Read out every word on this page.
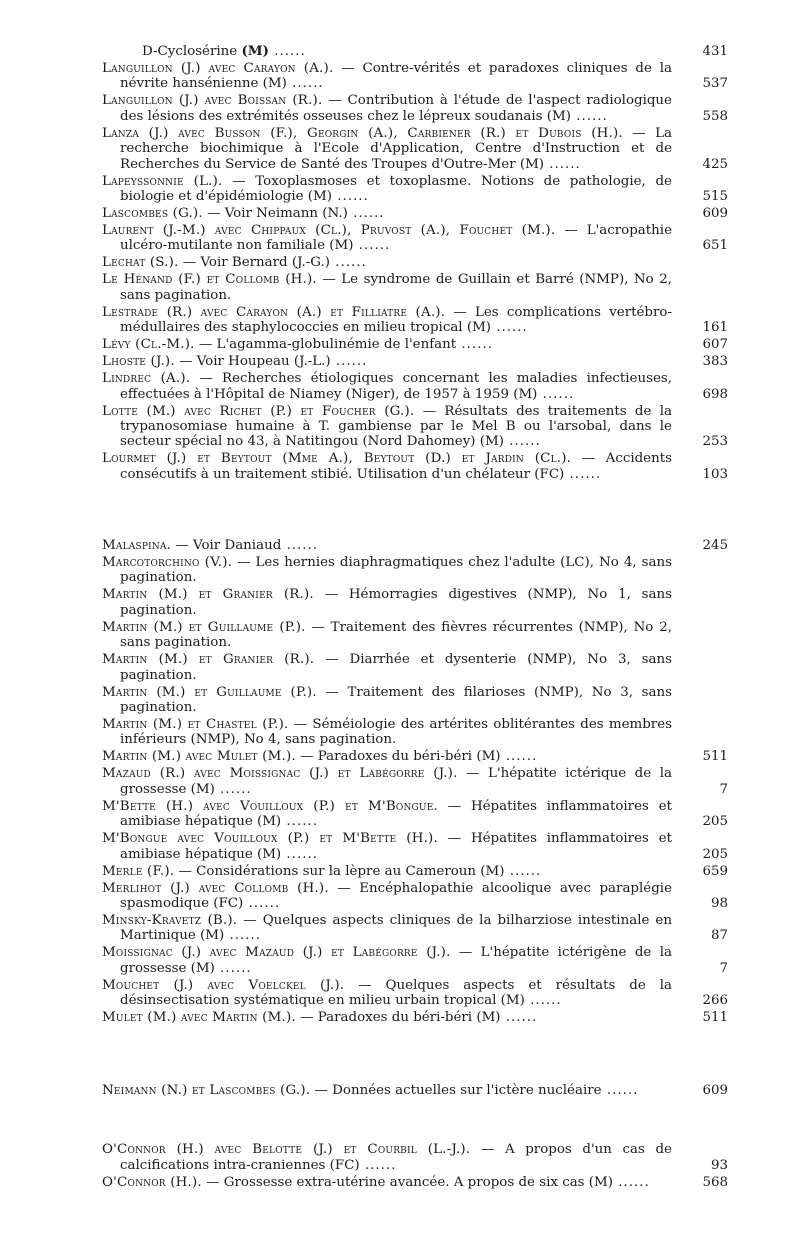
D-Cyclosérine (M) ......	431
Languillon (J.) avec Carayon (A.). — Contre-vérités et paradoxes cliniques de la névrite hansénienne (M) ......	537
Languillon (J.) avec Boissan (R.). — Contribution à l'étude de l'aspect radiologique des lésions des extrémités osseuses chez le lépreux soudanais (M) ......	558
Lanza (J.) avec Busson (F.), Georgin (A.), Carbiener (R.) et Dubois (H.). — La recherche biochimique à l'Ecole d'Application, Centre d'Instruction et de Recherches du Service de Santé des Troupes d'Outre-Mer (M) ......	425
Lapeyssonnie (L.). — Toxoplasmoses et toxoplasme. Notions de pathologie, de biologie et d'épidémiologie (M) ......	515
Lascombes (G.). — Voir Neimann (N.) ......	609
Laurent (J.-M.) avec Chippaux (Cl.), Pruvost (A.), Fouchet (M.). — L'acropathie ulcéro-mutilante non familiale (M) ......	651
Lechat (S.). — Voir Bernard (J.-G.) ......
Le Hénand (F.) et Collomb (H.). — Le syndrome de Guillain et Barré (NMP), No 2, sans pagination.
Lestrade (R.) avec Carayon (A.) et Filliatre (A.). — Les complications vertébro-médullaires des staphylococcies en milieu tropical (M) ......	161
Lévy (Cl.-M.). — L'agamma-globulinémie de l'enfant ......	607
Lhoste (J.). — Voir Houpeau (J.-L.) ......	383
Lindrec (A.). — Recherches étiologiques concernant les maladies infectieuses, effectuées à l'Hôpital de Niamey (Niger), de 1957 à 1959 (M) ......	698
Lotte (M.) avec Richet (P.) et Foucher (G.). — Résultats des traitements de la trypanosomiase humaine à T. gambiense par le Mel B ou l'arsobal, dans le secteur spécial no 43, à Natitingou (Nord Dahomey) (M) ......	253
Lourmet (J.) et Beytout (Mme A.), Beytout (D.) et Jardin (Cl.). — Accidents consécutifs à un traitement stibié. Utilisation d'un chélateur (FC) ......	103
Malaspina. — Voir Daniaud ......	245
Marcotorchino (V.). — Les hernies diaphragmatiques chez l'adulte (LC), No 4, sans pagination.
Martin (M.) et Granier (R.). — Hémorragies digestives (NMP), No 1, sans pagination.
Martin (M.) et Guillaume (P.). — Traitement des fièvres récurrentes (NMP), No 2, sans pagination.
Martin (M.) et Granier (R.). — Diarrhée et dysenterie (NMP), No 3, sans pagination.
Martin (M.) et Guillaume (P.). — Traitement des filarioses (NMP), No 3, sans pagination.
Martin (M.) et Chastel (P.). — Séméiologie des artérites oblitérantes des membres inférieurs (NMP), No 4, sans pagination.
Martin (M.) avec Mulet (M.). — Paradoxes du béri-béri (M) ......	511
Mazaud (R.) avec Moissignac (J.) et Labégorre (J.). — L'hépatite ictérique de la grossesse (M) ......	7
M'Bette (H.) avec Vouilloux (P.) et M'Bongue. — Hépatites inflammatoires et amibiase hépatique (M) ......	205
M'Bongue avec Vouilloux (P.) et M'Bette (H.). — Hépatites inflammatoires et amibiase hépatique (M) ......	205
Merle (F.). — Considérations sur la lèpre au Cameroun (M) ......	659
Merlihot (J.) avec Collomb (H.). — Encéphalopathie alcoolique avec paraplégie spasmodique (FC) ......	98
Minsky-Kravetz (B.). — Quelques aspects cliniques de la bilharziose intestinale en Martinique (M) ......	87
Moissignac (J.) avec Mazaud (J.) et Labégorre (J.). — L'hépatite ictérigène de la grossesse (M) ......	7
Mouchet (J.) avec Voelckel (J.). — Quelques aspects et résultats de la désinsectisation systématique en milieu urbain tropical (M) ......	266
Mulet (M.) avec Martin (M.). — Paradoxes du béri-béri (M) ......	511
Neimann (N.) et Lascombes (G.). — Données actuelles sur l'ictère nucléaire ......	609
O'Connor (H.) avec Belotte (J.) et Courbil (L.-J.). — A propos d'un cas de calcifications intra-craniennes (FC) ......	93
O'Connor (H.). — Grossesse extra-utérine avancée. A propos de six cas (M) ......	568
